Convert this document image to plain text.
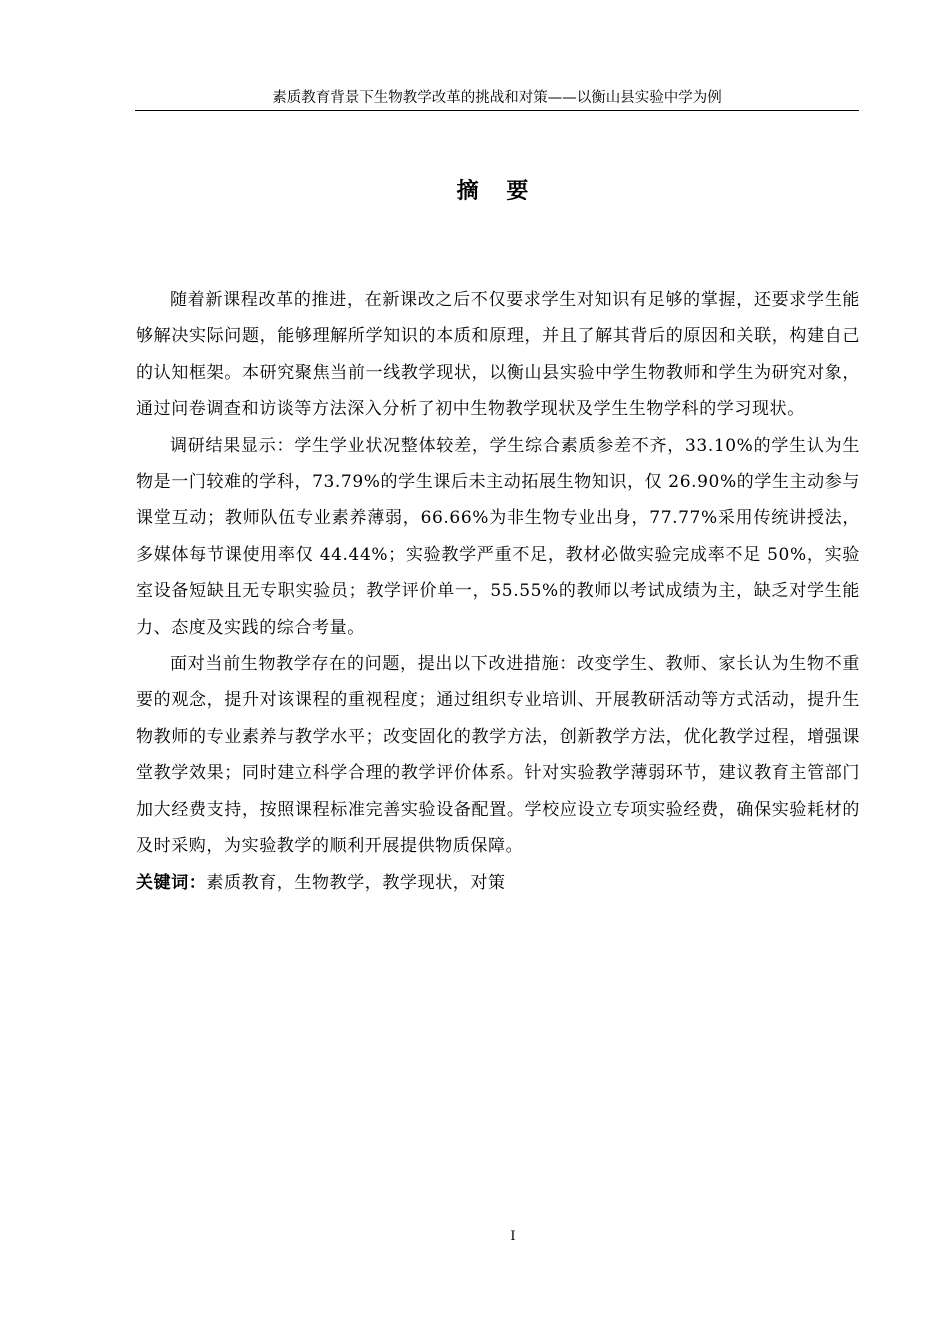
素质教育背景下生物教学改革的挑战和对策——以衡山县实验中学为例
摘 要

随着新课程改革的推进，在新课改之后不仅要求学生对知识有足够的掌握，还要求学生能够解决实际问题，能够理解所学知识的本质和原理，并且了解其背后的原因和关联，构建自己的认知框架。本研究聚焦当前一线教学现状，以衡山县实验中学生物教师和学生为研究对象，通过问卷调查和访谈等方法深入分析了初中生物教学现状及学生生物学科的学习现状。

调研结果显示：学生学业状况整体较差，学生综合素质参差不齐，33.10%的学生认为生物是一门较难的学科，73.79%的学生课后未主动拓展生物知识，仅 26.90%的学生主动参与课堂互动；教师队伍专业素养薄弱，66.66%为非生物专业出身，77.77%采用传统讲授法，多媒体每节课使用率仅 44.44%；实验教学严重不足，教材必做实验完成率不足 50%，实验室设备短缺且无专职实验员；教学评价单一，55.55%的教师以考试成绩为主，缺乏对学生能力、态度及实践的综合考量。

面对当前生物教学存在的问题，提出以下改进措施：改变学生、教师、家长认为生物不重要的观念，提升对该课程的重视程度；通过组织专业培训、开展教研活动等方式活动，提升生物教师的专业素养与教学水平；改变固化的教学方法，创新教学方法，优化教学过程，增强课堂教学效果；同时建立科学合理的教学评价体系。针对实验教学薄弱环节，建议教育主管部门加大经费支持，按照课程标准完善实验设备配置。学校应设立专项实验经费，确保实验耗材的及时采购，为实验教学的顺利开展提供物质保障。

关键词：素质教育，生物教学，教学现状，对策

I
